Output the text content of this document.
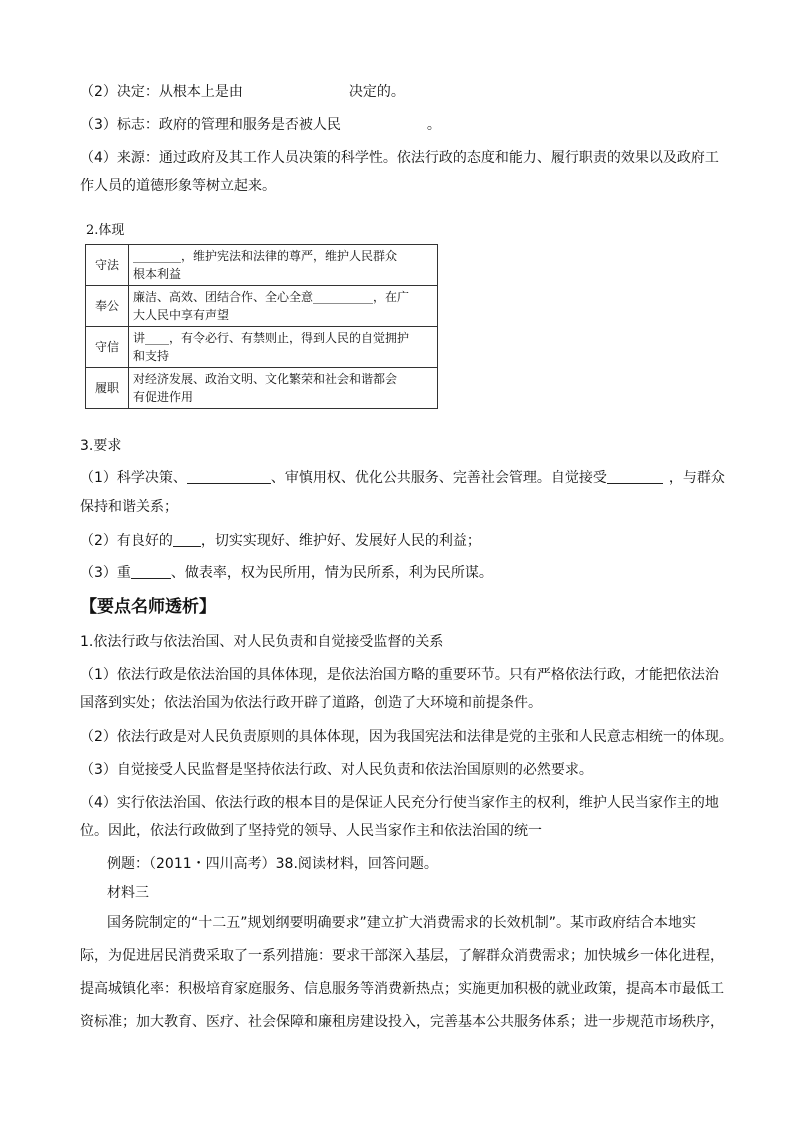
（2）决定：从根本上是由	决定的。
（3）标志：政府的管理和服务是否被人民	。
（4）来源：通过政府及其工作人员决策的科学性。依法行政的态度和能力、履行职责的效果以及政府工
作人员的道德形象等树立起来。
2.体现
守法	________，维护宪法和法律的尊严，维护人民群众
根本利益
奉公	廉洁、高效、团结合作、全心全意__________，在广
大人民中享有声望
守信	讲____，有令必行、有禁则止，得到人民的自觉拥护
和支持
履职	对经济发展、政治文明、文化繁荣和社会和谐都会
有促进作用
3.要求
（1）科学决策、	、审慎用权、优化公共服务、完善社会管理。自觉接受	，与群众
保持和谐关系；
（2）有良好的 ，切实实现好、维护好、发展好人民的利益；
（3）重	、做表率，权为民所用，情为民所系，利为民所谋。
【要点名师透析】
1.依法行政与依法治国、对人民负责和自觉接受监督的关系
（1）依法行政是依法治国的具体体现，是依法治国方略的重要环节。只有严格依法行政，才能把依法治
国落到实处；依法治国为依法行政开辟了道路，创造了大环境和前提条件。
（2）依法行政是对人民负责原则的具体体现，因为我国宪法和法律是党的主张和人民意志相统一的体现。
（3）自觉接受人民监督是坚持依法行政、对人民负责和依法治国原则的必然要求。
（4）实行依法治国、依法行政的根本目的是保证人民充分行使当家作主的权利，维护人民当家作主的地
位。因此，依法行政做到了坚持党的领导、人民当家作主和依法治国的统一
例题：（2011・四川高考）38.阅读材料，回答问题。
材料三
国务院制定的“十二五”规划纲要明确要求”建立扩大消费需求的长效机制”。某市政府结合本地实
际，为促进居民消费采取了一系列措施：要求干部深入基层，了解群众消费需求；加快城乡一体化进程，
提高城镇化率：积极培育家庭服务、信息服务等消费新热点；实施更加积极的就业政策，提高本市最低工
资标准；加大教育、医疗、社会保障和廉租房建设投入，完善基本公共服务体系；进一步规范市场秩序，
